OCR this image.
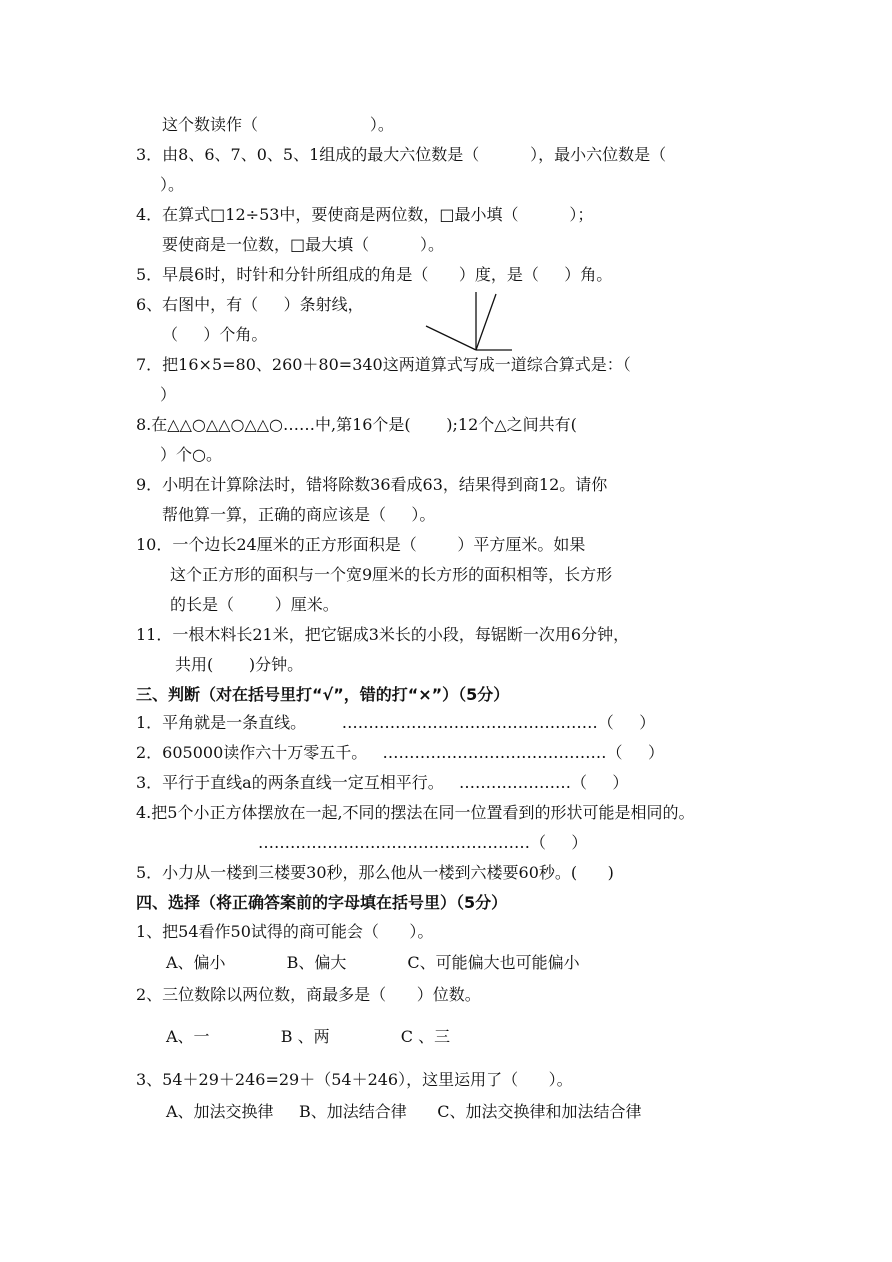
这个数读作（                      ）。
3．由8、6、7、0、5、1组成的最大六位数是（          ），最小六位数是（
）。
4．在算式□12÷53中，要使商是两位数，□最小填（          ）；
要使商是一位数，□最大填（          ）。
5．早晨6时，时针和分针所组成的角是（      ）度，是（     ）角。
6、右图中，有（     ）条射线，
（     ）个角。
7．把16×5=80、260＋80=340这两道算式写成一道综合算式是：（
）
8.在△△○△△○△△○……中,第16个是(       );12个△之间共有(
）个○。
9．小明在计算除法时，错将除数36看成63，结果得到商12。请你
帮他算一算，正确的商应该是（     ）。
10．一个边长24厘米的正方形面积是（        ）平方厘米。如果
这个正方形的面积与一个宽9厘米的长方形的面积相等，长方形
的长是（        ）厘米。
11．一根木料长21米，把它锯成3米长的小段，每锯断一次用6分钟，
共用(       )分钟。
三、判断（对在括号里打“√”，错的打“×”）（5分）
1．平角就是一条直线。       …………………………………………（     ）
2．605000读作六十万零五千。   ……………………………………（     ）
3．平行于直线a的两条直线一定互相平行。   …………………（     ）
4.把5个小正方体摆放在一起,不同的摆法在同一位置看到的形状可能是相同的。
……………………………………………（     ）
5．小力从一楼到三楼要30秒，那么他从一楼到六楼要60秒。(      )
四、选择（将正确答案前的字母填在括号里）（5分）
1、把54看作50试得的商可能会（      ）。
A、偏小            B、偏大            C、可能偏大也可能偏小
2、三位数除以两位数，商最多是（      ）位数。
A、一              B 、两              C 、三
3、54＋29＋246=29＋（54＋246），这里运用了（      ）。
A、加法交换律     B、加法结合律      C、加法交换律和加法结合律
